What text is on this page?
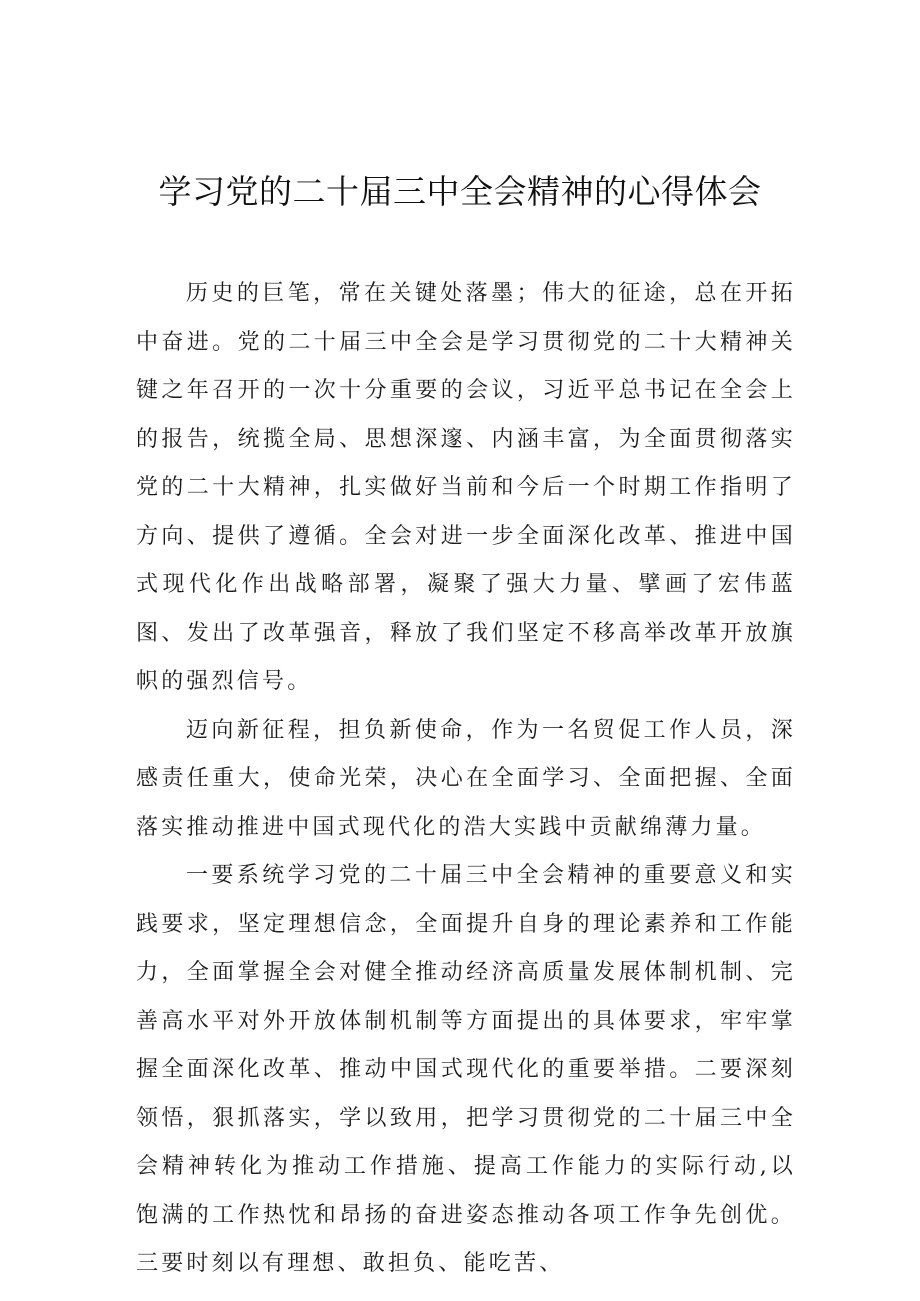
学习党的二十届三中全会精神的心得体会

历史的巨笔，常在关键处落墨；伟大的征途，总在开拓中奋进。党的二十届三中全会是学习贯彻党的二十大精神关键之年召开的一次十分重要的会议，习近平总书记在全会上的报告，统揽全局、思想深邃、内涵丰富，为全面贯彻落实党的二十大精神，扎实做好当前和今后一个时期工作指明了方向、提供了遵循。全会对进一步全面深化改革、推进中国式现代化作出战略部署，凝聚了强大力量、擘画了宏伟蓝图、发出了改革强音，释放了我们坚定不移高举改革开放旗帜的强烈信号。

迈向新征程，担负新使命，作为一名贸促工作人员，深感责任重大，使命光荣，决心在全面学习、全面把握、全面落实推动推进中国式现代化的浩大实践中贡献绵薄力量。

一要系统学习党的二十届三中全会精神的重要意义和实践要求，坚定理想信念，全面提升自身的理论素养和工作能力，全面掌握全会对健全推动经济高质量发展体制机制、完善高水平对外开放体制机制等方面提出的具体要求，牢牢掌握全面深化改革、推动中国式现代化的重要举措。二要深刻领悟，狠抓落实，学以致用，把学习贯彻党的二十届三中全会精神转化为推动工作措施、提高工作能力的实际行动,以饱满的工作热忱和昂扬的奋进姿态推动各项工作争先创优。三要时刻以有理想、敢担负、能吃苦、
